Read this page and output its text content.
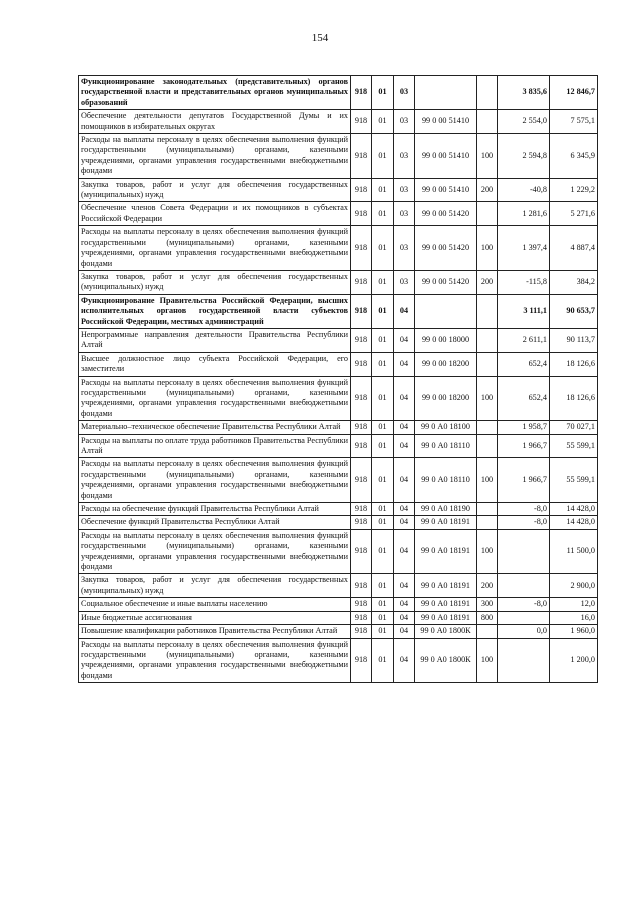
154
Функционирование законодательных (представительных) органов государственной власти и представительных органов муниципальных образований	918	01	03			3 835,6	12 846,7
Обеспечение деятельности депутатов Государственной Думы и их помощников в избирательных округах	918	01	03	99 0 00 51410		2 554,0	7 575,1
Расходы на выплаты персоналу в целях обеспечения выполнения функций государственными (муниципальными) органами, казенными учреждениями, органами управления государственными внебюджетными фондами	918	01	03	99 0 00 51410	100	2 594,8	6 345,9
Закупка товаров, работ и услуг для обеспечения государственных (муниципальных) нужд	918	01	03	99 0 00 51410	200	-40,8	1 229,2
Обеспечение членов Совета Федерации и их помощников в субъектах Российской Федерации	918	01	03	99 0 00 51420		1 281,6	5 271,6
Расходы на выплаты персоналу в целях обеспечения выполнения функций государственными (муниципальными) органами, казенными учреждениями, органами управления государственными внебюджетными фондами	918	01	03	99 0 00 51420	100	1 397,4	4 887,4
Закупка товаров, работ и услуг для обеспечения государственных (муниципальных) нужд	918	01	03	99 0 00 51420	200	-115,8	384,2
Функционирование Правительства Российской Федерации, высших исполнительных органов государственной власти субъектов Российской Федерации, местных администраций	918	01	04			3 111,1	90 653,7
Непрограммные направления деятельности Правительства Республики Алтай	918	01	04	99 0 00 18000		2 611,1	90 113,7
Высшее должностное лицо субъекта Российской Федерации, его заместители	918	01	04	99 0 00 18200		652,4	18 126,6
Расходы на выплаты персоналу в целях обеспечения выполнения функций государственными (муниципальными) органами, казенными учреждениями, органами управления государственными внебюджетными фондами	918	01	04	99 0 00 18200	100	652,4	18 126,6
Материально–техническое обеспечение Правительства Республики Алтай	918	01	04	99 0 А0 18100		1 958,7	70 027,1
Расходы на выплаты по оплате труда работников Правительства Республики Алтай	918	01	04	99 0 А0 18110		1 966,7	55 599,1
Расходы на выплаты персоналу в целях обеспечения выполнения функций государственными (муниципальными) органами, казенными учреждениями, органами управления государственными внебюджетными фондами	918	01	04	99 0 А0 18110	100	1 966,7	55 599,1
Расходы на обеспечение функций Правительства Республики Алтай	918	01	04	99 0 А0 18190		-8,0	14 428,0
Обеспечение функций Правительства Республики Алтай	918	01	04	99 0 А0 18191		-8,0	14 428,0
Расходы на выплаты персоналу в целях обеспечения выполнения функций государственными (муниципальными) органами, казенными учреждениями, органами управления государственными внебюджетными фондами	918	01	04	99 0 А0 18191	100		11 500,0
Закупка товаров, работ и услуг для обеспечения государственных (муниципальных) нужд	918	01	04	99 0 А0 18191	200		2 900,0
Социальное обеспечение и иные выплаты населению	918	01	04	99 0 А0 18191	300	-8,0	12,0
Иные бюджетные ассигнования	918	01	04	99 0 А0 18191	800		16,0
Повышение квалификации работников Правительства Республики Алтай	918	01	04	99 0 А0 1800К		0,0	1 960,0
Расходы на выплаты персоналу в целях обеспечения выполнения функций государственными (муниципальными) органами, казенными учреждениями, органами управления государственными внебюджетными фондами	918	01	04	99 0 А0 1800К	100		1 200,0
